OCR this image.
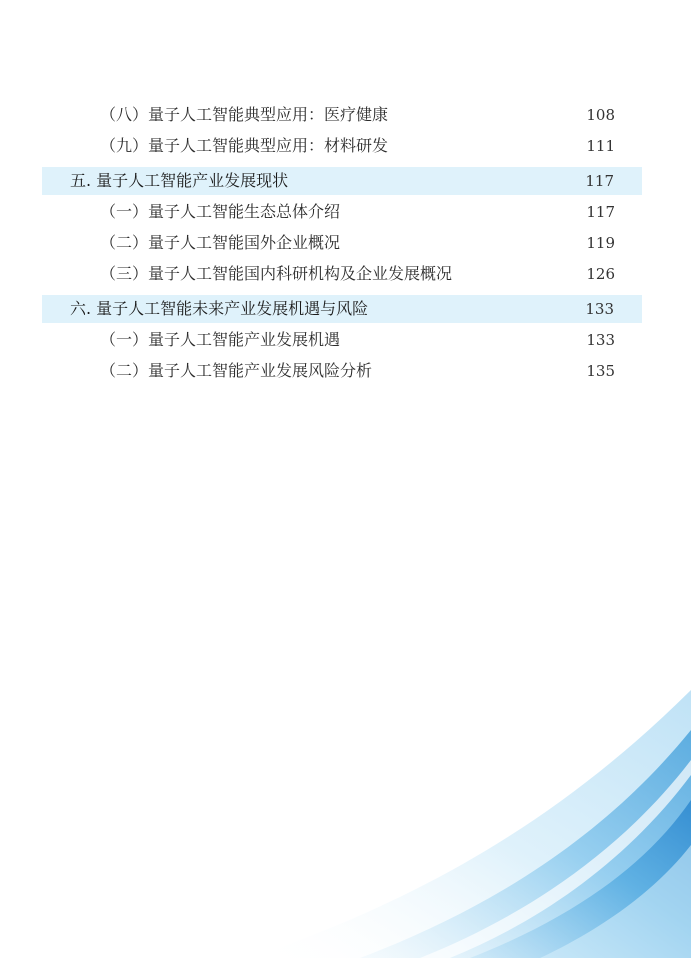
（八）量子人工智能典型应用：医疗健康	108
（九）量子人工智能典型应用：材料研发	111
五. 量子人工智能产业发展现状	117
（一）量子人工智能生态总体介绍	117
（二）量子人工智能国外企业概况	119
（三）量子人工智能国内科研机构及企业发展概况	126
六. 量子人工智能未来产业发展机遇与风险	133
（一）量子人工智能产业发展机遇	133
（二）量子人工智能产业发展风险分析	135
